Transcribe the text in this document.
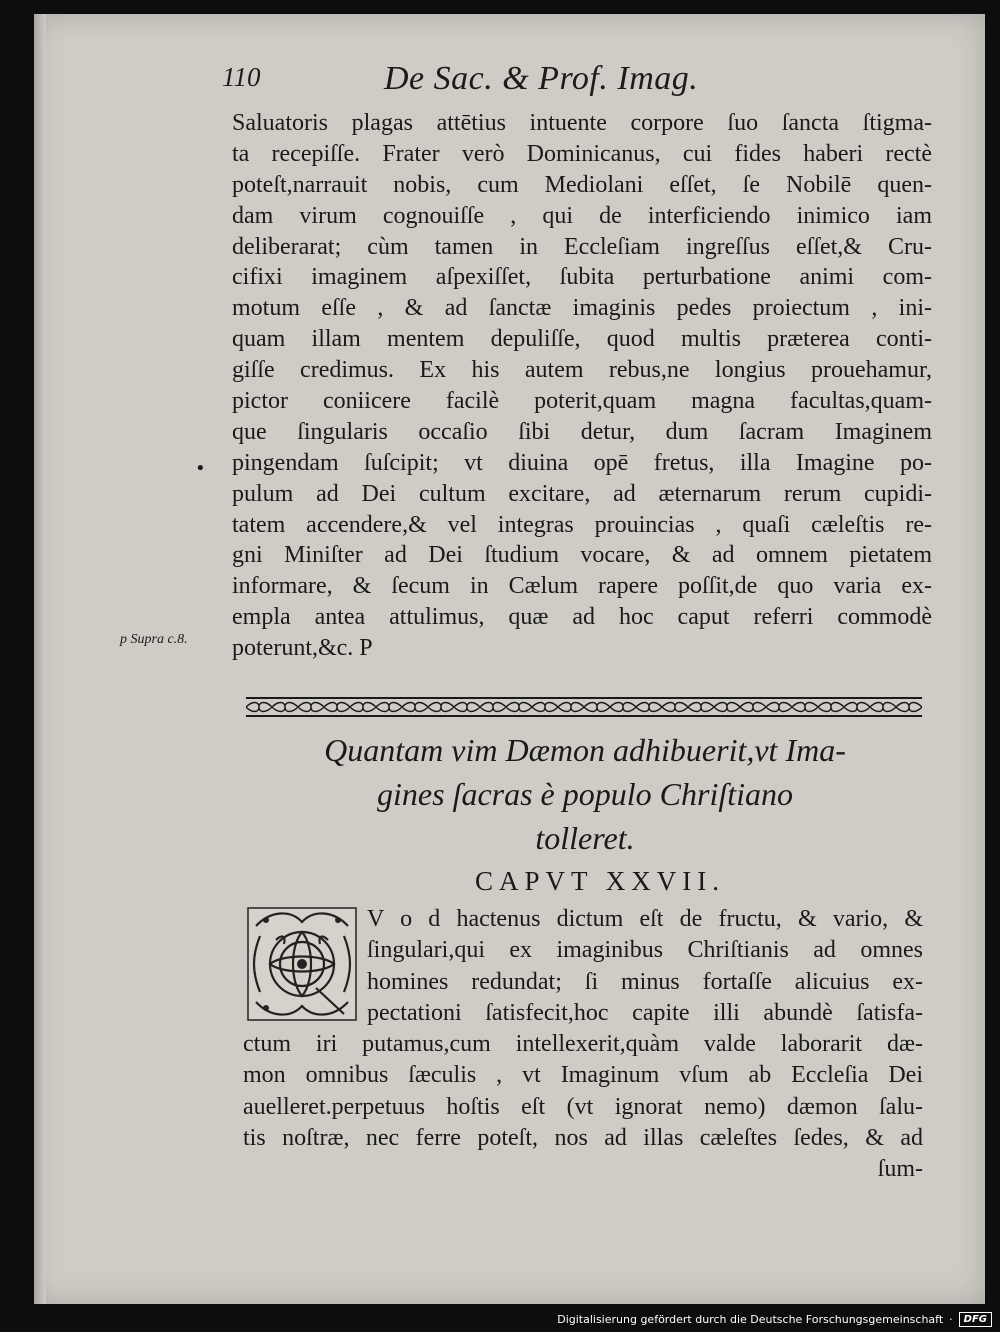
110	De Sac. & Prof. Imag.
•
p Supra c.8.
Saluatoris plagas attētius intuente corpore ſuo ſancta ſtigma-
ta recepiſſe. Frater verò Dominicanus, cui fides haberi rectè
poteſt,narrauit nobis, cum Mediolani eſſet, ſe Nobilē quen-
dam virum cognouiſſe , qui de interficiendo inimico iam
deliberarat; cùm tamen in Eccleſiam ingreſſus eſſet,& Cru-
cifixi imaginem aſpexiſſet, ſubita perturbatione animi com-
motum eſſe , & ad ſanctæ imaginis pedes proiectum , ini-
quam illam mentem depuliſſe, quod multis præterea conti-
giſſe credimus. Ex his autem rebus,ne longius prouehamur,
pictor coniicere facilè poterit,quam magna facultas,quam-
que ſingularis occaſio ſibi detur, dum ſacram Imaginem
pingendam ſuſcipit; vt diuina opē fretus, illa Imagine po-
pulum ad Dei cultum excitare, ad æternarum rerum cupidi-
tatem accendere,& vel integras prouincias , quaſi cæleſtis re-
gni Miniſter ad Dei ſtudium vocare, & ad omnem pietatem
informare, & ſecum in Cælum rapere poſſit,de quo varia ex-
empla antea attulimus, quæ ad hoc caput referri commodè
poterunt,&c. P
Quantam vim Dæmon adhibuerit,vt Ima-
gines ſacras è populo Chriſtiano
tolleret.
CAPVT XXVII.
V o d hactenus dictum eſt de fructu, & vario, &
ſingulari,qui ex imaginibus Chriſtianis ad omnes
homines redundat; ſi minus fortaſſe alicuius ex-
pectationi ſatisfecit,hoc capite illi abundè ſatisfa-
ctum iri putamus,cum intellexerit,quàm valde laborarit dæ-
mon omnibus ſæculis , vt Imaginum vſum ab Eccleſia Dei
auelleret.perpetuus hoſtis eſt (vt ignorat nemo) dæmon ſalu-
tis noſtræ, nec ferre poteſt, nos ad illas cæleſtes ſedes, & ad
ſum-
Digitalisierung gefördert durch die Deutsche Forschungsgemeinschaft ·	DFG
